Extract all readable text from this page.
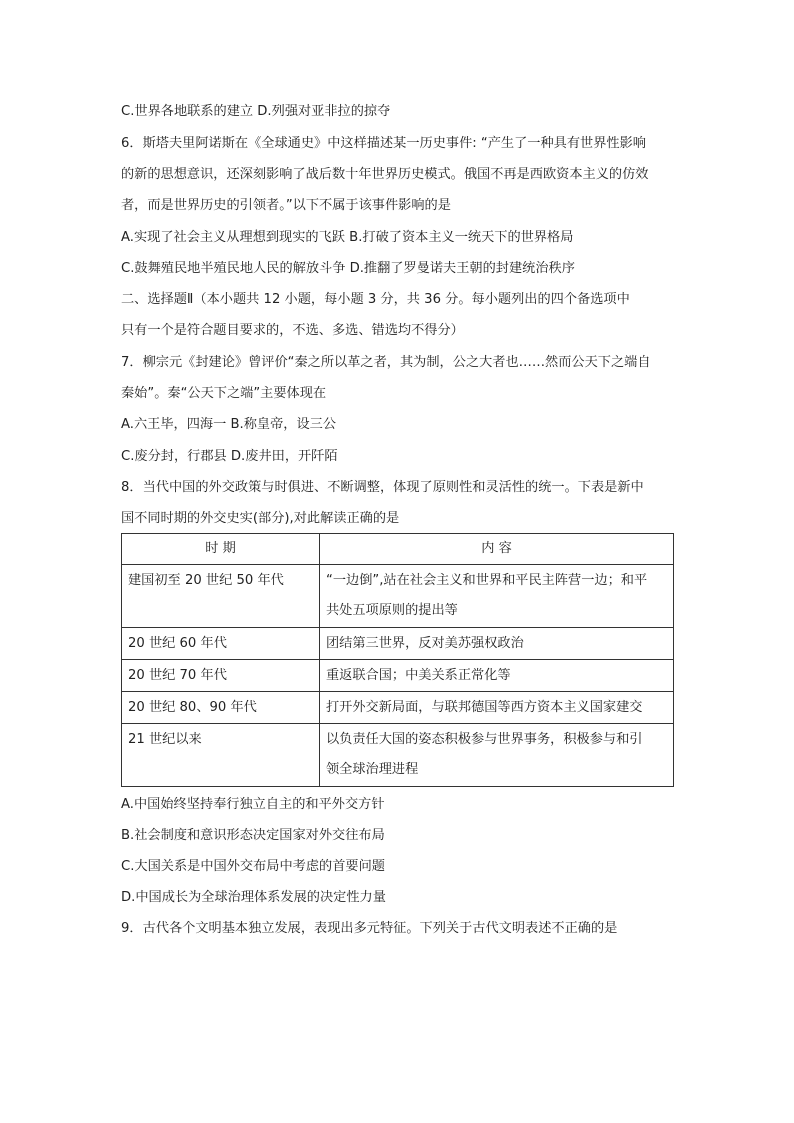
C.世界各地联系的建立 D.列强对亚非拉的掠夺
6．斯塔夫里阿诺斯在《全球通史》中这样描述某一历史事件: “产生了一种具有世界性影响
的新的思想意识，还深刻影响了战后数十年世界历史模式。俄国不再是西欧资本主义的仿效
者，而是世界历史的引领者。”以下不属于该事件影响的是
A.实现了社会主义从理想到现实的飞跃 B.打破了资本主义一统天下的世界格局
C.鼓舞殖民地半殖民地人民的解放斗争 D.推翻了罗曼诺夫王朝的封建统治秩序
二、选择题Ⅱ（本小题共 12 小题，每小题 3 分，共 36 分。每小题列出的四个备选项中
只有一个是符合题目要求的，不选、多选、错选均不得分）
7．柳宗元《封建论》曾评价“秦之所以革之者，其为制，公之大者也……然而公天下之端自
秦始”。秦“公天下之端”主要体现在
A.六王毕，四海一 B.称皇帝，设三公
C.废分封，行郡县 D.废井田，开阡陌
8．当代中国的外交政策与时俱进、不断调整，体现了原则性和灵活性的统一。下表是新中
国不同时期的外交史实(部分),对此解读正确的是
时 期	内 容
建国初至 20 世纪 50 年代	“一边倒”,站在社会主义和世界和平民主阵营一边；和平
共处五项原则的提出等

20 世纪 60 年代	团结第三世界，反对美苏强权政治

20 世纪 70 年代	重返联合国；中美关系正常化等

20 世纪 80、90 年代	打开外交新局面，与联邦德国等西方资本主义国家建交

21 世纪以来	以负责任大国的姿态积极参与世界事务，积极参与和引
领全球治理进程
A.中国始终坚持奉行独立自主的和平外交方针
B.社会制度和意识形态决定国家对外交往布局
C.大国关系是中国外交布局中考虑的首要问题
D.中国成长为全球治理体系发展的决定性力量
9．古代各个文明基本独立发展，表现出多元特征。下列关于古代文明表述不正确的是
